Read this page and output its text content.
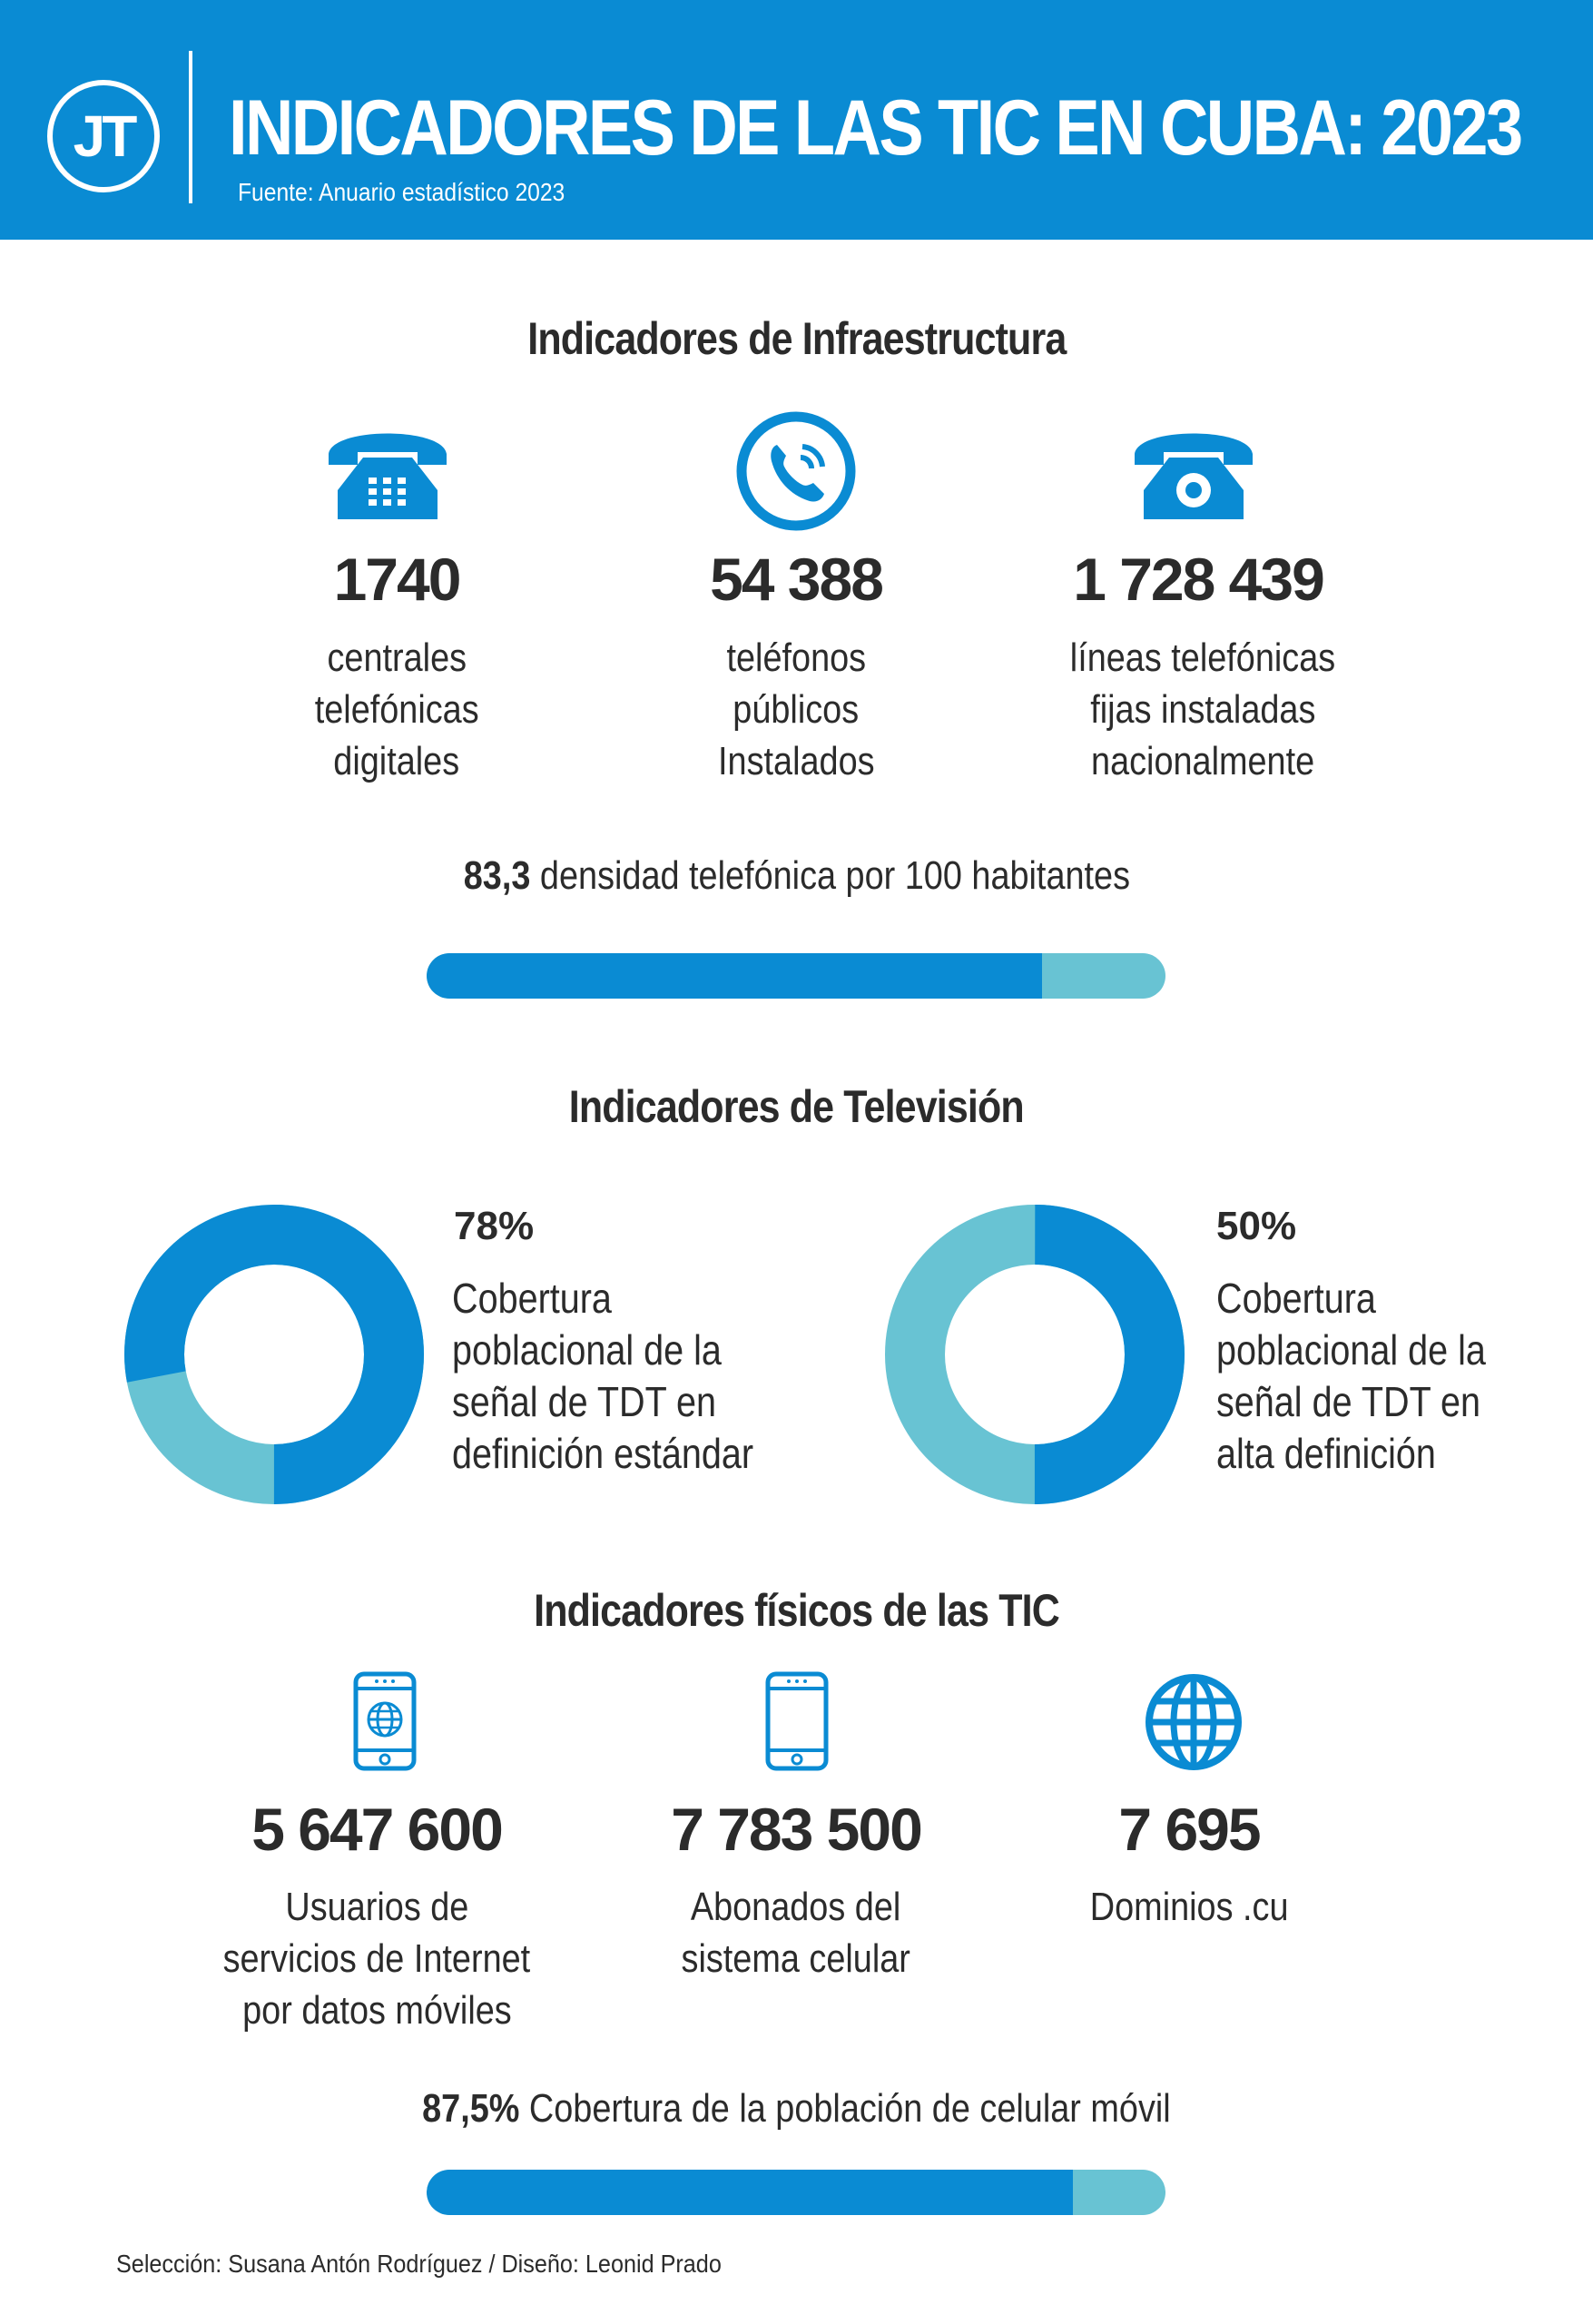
JT INDICADORES DE LAS TIC EN CUBA: 2023
Fuente: Anuario estadístico 2023
Indicadores de Infraestructura
1740	54 388	1 728 439
centrales
telefónicas
digitales
teléfonos
públicos
Instalados
líneas telefónicas
fijas instaladas
nacionalmente
83,3 densidad telefónica por 100 habitantes
Indicadores de Televisión
78%
Cobertura
poblacional de la
señal de TDT en
definición estándar
50%
Cobertura
poblacional de la
señal de TDT en
alta definición
Indicadores físicos de las TIC
5 647 600	7 783 500	7 695
Usuarios de
servicios de Internet
por datos móviles
Abonados del
sistema celular
Dominios .cu
87,5% Cobertura de la población de celular móvil
Selección: Susana Antón Rodríguez / Diseño: Leonid Prado
